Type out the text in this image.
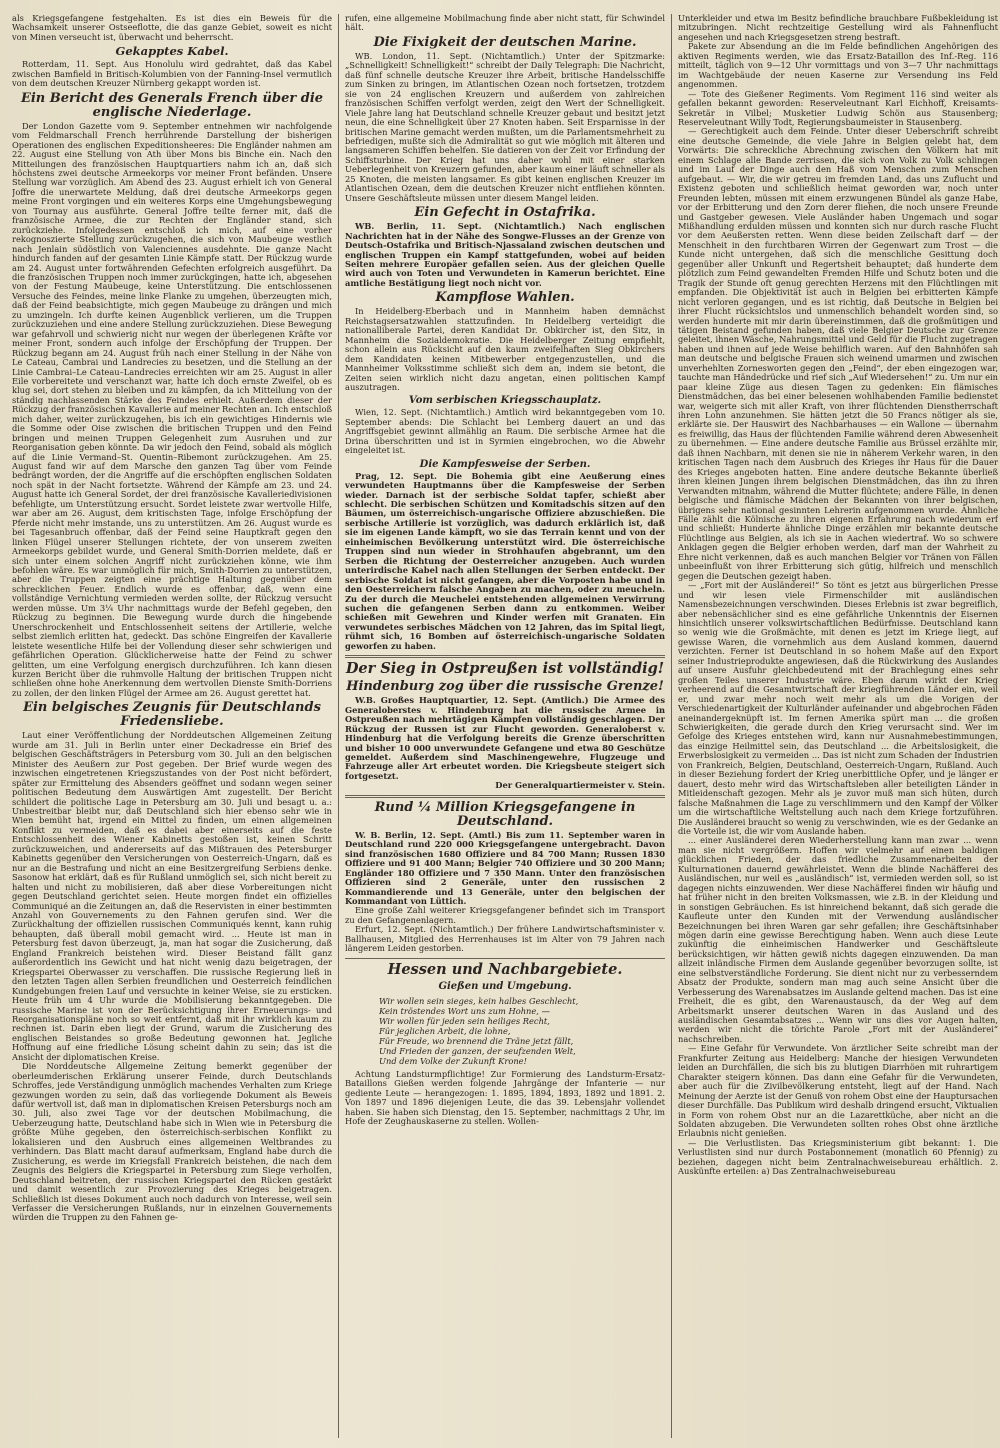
als Kriegsgefangene festgehalten. Es ist dies ein Beweis für die Wachsamkeit unserer Ostseeflotte, die das ganze Gebiet, soweit es nicht von Minen verseucht ist, überwacht und beherrscht.

Gekapptes Kabel.

Rotterdam, 11. Sept. Aus Honolulu wird gedrahtet, daß das Kabel zwischen Bamfield in Britisch-Kolumbien von der Fanning-Insel vermutlich von dem deutschen Kreuzer Nürnberg gekappt worden ist.

Ein Bericht des Generals French über die englische Niederlage.

Der London Gazette vom 9. September entnehmen wir nachfolgende vom Feldmarschall French herrührende Darstellung der bisherigen Operationen des englischen Expeditionsheeres: Die Engländer nahmen am 22. August eine Stellung von Ath über Mons bis Binche ein. Nach den Mitteilungen des französischen Hauptquartiers nahm ich an, daß sich höchstens zwei deutsche Armeekorps vor meiner Front befänden. Unsere Stellung war vorzüglich. Am Abend des 23. August erhielt ich von General Joffre die unerwartete Meldung, daß drei deutsche Armeekorps gegen meine Front vorgingen und ein weiteres Korps eine Umgehungsbewegung von Tournay aus ausführte. General Joffre teilte ferner mit, daß die französische Armee, die zur Rechten der Engländer stand, sich zurückziehe. Infolgedessen entschloß ich mich, auf eine vorher rekognoszierte Stellung zurückzugehen, die sich von Maubeuge westlich nach Jenlain südöstlich von Valenciennes ausdehnte. Die ganze Nacht hindurch fanden auf der gesamten Linie Kämpfe statt. Der Rückzug wurde am 24. August unter fortwährenden Gefechten erfolgreich ausgeführt. Da die französischen Truppen noch immer zurückgingen, hatte ich, abgesehen von der Festung Maubeuge, keine Unterstützung. Die entschlossenen Versuche des Feindes, meine linke Flanke zu umgehen, überzeugten mich, daß der Feind beabsichtigte, mich gegen Maubeuge zu drängen und mich zu umzingeln. Ich durfte keinen Augenblick verlieren, um die Truppen zurückzuziehen und eine andere Stellung zurückzuziehen. Diese Bewegung war gefahrvoll und schwierig nicht nur wegen der überlegenen Kräfte vor meiner Front, sondern auch infolge der Erschöpfung der Truppen. Der Rückzug begann am 24. August früh nach einer Stellung in der Nähe von Le Cateau, Cambrai und Landrecies zu besetzen, und die Stellung an der Linie Cambrai–Le Cateau–Landrecies erreichten wir am 25. August in aller Eile vorbereitete und verschanzt war, hatte ich doch ernste Zweifel, ob es klug sei, dort stehen zu bleiben und zu kämpfen, da ich Mitteilung von der ständig nachlassenden Stärke des Feindes erhielt. Außerdem dieser der Rückzug der französischen Kavallerie auf meiner Rechten an. Ich entschloß mich daher, weiter zurückzugehen, bis ich ein gewichtiges Hindernis wie die Somme oder Oise zwischen die britischen Truppen und den Feind bringen und meinen Truppen Gelegenheit zum Ausruhen und zur Reorganisation geben könnte. Da wir jedoch den Feind, sobald als möglich auf die Linie Vermand–St. Quentin–Ribemont zurückzugehen. Am 25. August fand wir auf dem Marsche den ganzen Tag über vom Feinde bedrängt worden, der die Angriffe auf die erschöpften englischen Soldaten noch spät in der Nacht fortsetzte. Während der Kämpfe am 23. und 24. August hatte ich General Sordet, der drei französische Kavalleriedivisionen befehligte, um Unterstützung ersucht. Sordet leistete zwar wertvolle Hilfe, war aber am 26. August, dem kritischsten Tage, infolge Erschöpfung der Pferde nicht mehr imstande, uns zu unterstützen. Am 26. August wurde es bei Tagesanbruch offenbar, daß der Feind seine Hauptkraft gegen den linken Flügel unserer Stellungen richtete, der von unserem zweiten Armeekorps gebildet wurde, und General Smith-Dorrien meldete, daß er sich unter einem solchen Angriff nicht zurückziehen könne, wie ihm befohlen wäre. Es war unmöglich für mich, Smith-Dorrien zu unterstützen, aber die Truppen zeigten eine prächtige Haltung gegenüber dem schrecklichen Feuer. Endlich wurde es offenbar, daß, wenn eine vollständige Vernichtung vermieden werden sollte, der Rückzug versucht werden müsse. Um 3¼ Uhr nachmittags wurde der Befehl gegeben, den Rückzug zu beginnen. Die Bewegung wurde durch die hingebende Unerschrockenheit und Entschlossenheit seitens der Artillerie, welche selbst ziemlich erlitten hat, gedeckt. Das schöne Eingreifen der Kavallerie leistete wesentliche Hilfe bei der Vollendung dieser sehr schwierigen und gefährlichen Operation. Glücklicherweise hatte der Feind zu schwer gelitten, um eine Verfolgung energisch durchzuführen. Ich kann diesen kurzen Bericht über die ruhmvolle Haltung der britischen Truppen nicht schließen ohne hohe Anerkennung dem wertvollen Dienste Smith-Dorriens zu zollen, der den linken Flügel der Armee am 26. August gerettet hat.

Ein belgisches Zeugnis für Deutschlands Friedensliebe.

Laut einer Veröffentlichung der Norddeutschen Allgemeinen Zeitung wurde am 31. Juli in Berlin unter einer Deckadresse ein Brief des belgischen Geschäftsträgers in Petersburg vom 30. Juli an den belgischen Minister des Aeußern zur Post gegeben. Der Brief wurde wegen des inzwischen eingetretenen Kriegszustandes von der Post nicht befördert, später zur Ermittelung des Absenders geöffnet und sodann wegen seiner politischen Bedeutung dem Auswärtigen Amt zugestellt. Der Bericht schildert die politische Lage in Petersburg am 30. Juli und besagt u. a.: Unbestreitbar bleibt nur, daß Deutschland sich hier ebenso sehr wie in Wien bemüht hat, irgend ein Mittel zu finden, um einen allgemeinen Konflikt zu vermeiden, daß es dabei aber einerseits auf die feste Entschlossenheit des Wiener Kabinetts gestoßen ist, keinen Schritt zurückzuweichen, und andererseits auf das Mißtrauen des Petersburger Kabinetts gegenüber den Versicherungen von Oesterreich-Ungarn, daß es nur an die Bestrafung und nicht an eine Besitzergreifung Serbiens denke. Sasonow hat erklärt, daß es für Rußland unmöglich sei, sich nicht bereit zu halten und nicht zu mobilisieren, daß aber diese Vorbereitungen nicht gegen Deutschland gerichtet seien. Heute morgen findet ein offizielles Communiqué an die Zeitungen an, daß die Reservisten in einer bestimmten Anzahl von Gouvernements zu den Fahnen gerufen sind. Wer die Zurückhaltung der offiziellen russischen Communiqués kennt, kann ruhig behaupten, daß überall mobil gemacht wird. ... Heute ist man in Petersburg fest davon überzeugt, ja, man hat sogar die Zusicherung, daß England Frankreich beistehen wird. Dieser Beistand fällt ganz außerordentlich ins Gewicht und hat nicht wenig dazu beigetragen, der Kriegspartei Oberwasser zu verschaffen. Die russische Regierung ließ in den letzten Tagen allen Serbien freundlichen und Oesterreich feindlichen Kundgebungen freien Lauf und versuchte in keiner Weise, sie zu ersticken. Heute früh um 4 Uhr wurde die Mobilisierung bekanntgegeben. Die russische Marine ist von der Berücksichtigung ihrer Erneuerungs- und Reorganisationspläne noch so weit entfernt, daß mit ihr wirklich kaum zu rechnen ist. Darin eben liegt der Grund, warum die Zusicherung des englischen Beistandes so große Bedeutung gewonnen hat. Jegliche Hoffnung auf eine friedliche Lösung scheint dahin zu sein; das ist die Ansicht der diplomatischen Kreise.

Die Norddeutsche Allgemeine Zeitung bemerkt gegenüber der oberleumderischen Erklärung unserer Feinde, durch Deutschlands Schroffes, jede Verständigung unmöglich machendes Verhalten zum Kriege gezwungen worden zu sein, daß das vorliegende Dokument als Beweis dafür wertvoll ist, daß man in diplomatischen Kreisen Petersburgs noch am 30. Juli, also zwei Tage vor der deutschen Mobilmachung, die Ueberzeugung hatte, Deutschland habe sich in Wien wie in Petersburg die größte Mühe gegeben, den österreichisch-serbischen Konflikt zu lokalisieren und den Ausbruch eines allgemeinen Weltbrandes zu verhindern. Das Blatt macht darauf aufmerksam, England habe durch die Zusicherung, es werde im Kriegsfall Frankreich beistehen, die nach dem Zeugnis des Belgiers die Kriegspartei in Petersburg zum Siege verholfen, Deutschland beitreten, der russischen Kriegspartei den Rücken gestärkt und damit wesentlich zur Provozierung des Krieges beigetragen. Schließlich ist dieses Dokument auch noch dadurch von Interesse, weil sein Verfasser die Versicherungen Rußlands, nur in einzelnen Gouvernements würden die Truppen zu den Fahnen ge-

rufen, eine allgemeine Mobilmachung finde aber nicht statt, für Schwindel hält.

Die Fixigkeit der deutschen Marine.

WB. London, 11. Sept. (Nichtamtlich.) Unter der Spitzmarke: „Schnelligkeit! Schnelligkeit!“ schreibt der Daily Telegraph: Die Nachricht, daß fünf schnelle deutsche Kreuzer ihre Arbeit, britische Handelsschiffe zum Sinken zu bringen, im Atlantischen Ozean noch fortsetzen, trotzdem sie von 24 englischen Kreuzern und außerdem von zahlreichen französischen Schiffen verfolgt werden, zeigt den Wert der Schnelligkeit. Viele Jahre lang hat Deutschland schnelle Kreuzer gebaut und besitzt jetzt neun, die eine Schnelligkeit über 27 Knoten haben. Seit Ersparnisse in der britischen Marine gemacht werden mußten, um die Parlamentsmehrheit zu befriedigen, mußte sich die Admiralität so gut wie möglich mit älteren und langsameren Schiffen behelfen. Sie datieren von der Zeit vor Erfindung der Schiffsturbine. Der Krieg hat uns daher wohl mit einer starken Ueberlegenheit von Kreuzern gefunden, aber kaum einer läuft schneller als 25 Knoten, die meisten langsamer. Es gibt keinen englischen Kreuzer im Atlantischen Ozean, dem die deutschen Kreuzer nicht entfliehen könnten. Unsere Geschäftsleute müssen unter diesem Mangel leiden.

Ein Gefecht in Ostafrika.

WB. Berlin, 11. Sept. (Nichtamtlich.) Nach englischen Nachrichten hat in der Nähe des Songwe-Flusses an der Grenze von Deutsch-Ostafrika und Britisch-Njassaland zwischen deutschen und englischen Truppen ein Kampf stattgefunden, wobei auf beiden Seiten mehrere Europäer gefallen seien. Aus der gleichen Quelle wird auch von Toten und Verwundeten in Kamerun berichtet. Eine amtliche Bestätigung liegt noch nicht vor.

Kampflose Wahlen.

In Heidelberg-Eberbach und in Mannheim haben demnächst Reichstagsersatzwahlen stattzufinden. In Heidelberg verteidigt die nationalliberale Partei, deren Kandidat Dr. Obkircher ist, den Sitz, in Mannheim die Sozialdemokratie. Die Heidelberger Zeitung empfiehlt, schon allein aus Rücksicht auf den kaum zweifelhaften Sieg Obkirchers dem Kandidaten keinen Mitbewerber entgegenzustellen, und die Mannheimer Volksstimme schließt sich dem an, indem sie betont, die Zeiten seien wirklich nicht dazu angetan, einen politischen Kampf auszutragen.

Vom serbischen Kriegsschauplatz.

Wien, 12. Sept. (Nichtamtlich.) Amtlich wird bekanntgegeben vom 10. September abends: Die Schlacht bei Lemberg dauert an und das Angriffsgebiet gewinnt allmählig an Raum. Die serbische Armee hat die Drina überschritten und ist in Syrmien eingebrochen, wo die Abwehr eingeleitet ist.

Die Kampfesweise der Serben.

Prag, 12. Sept. Die Bohemia gibt eine Aeußerung eines verwundeten Hauptmanns über die Kampfesweise der Serben wieder. Darnach ist der serbische Soldat tapfer, schießt aber schlecht. Die serbischen Schützen und Komitadschis sitzen auf den Bäumen, um österreichisch-ungarische Offiziere abzuschießen. Die serbische Artillerie ist vorzüglich, was dadurch erklärlich ist, daß sie im eigenen Lande kämpft, wo sie das Terrain kennt und von der einheimischen Bevölkerung unterstützt wird. Die österreichische Truppen sind nun wieder in Strohhaufen abgebrannt, um den Serben die Richtung der Oesterreicher anzugeben. Auch wurden unterirdische Kabel nach allen Stellungen der Serben entdeckt. Der serbische Soldat ist nicht gefangen, aber die Vorposten habe und in den Oesterreichern falsche Angaben zu machen, oder zu meucheln. Zu der durch die Meuchelei entstehenden allgemeinen Verwirrung suchen die gefangenen Serben dann zu entkommen. Weiber schießen mit Gewehren und Kinder werfen mit Granaten. Ein verwundetes serbisches Mädchen von 12 Jahren, das im Spital liegt, rühmt sich, 16 Bomben auf österreichisch-ungarische Soldaten geworfen zu haben.

Der Sieg in Ostpreußen ist vollständig!
Hindenburg zog über die russische Grenze!

W.B. Großes Hauptquartier, 12. Sept. (Amtlich.) Die Armee des Generaloberstes v. Hindenburg hat die russische Armee in Ostpreußen nach mehrtägigen Kämpfen vollständig geschlagen. Der Rückzug der Russen ist zur Flucht geworden. Generaloberst v. Hindenburg hat die Verfolgung bereits die Grenze überschritten und bisher 10 000 unverwundete Gefangene und etwa 80 Geschütze gemeldet. Außerdem sind Maschinengewehre, Flugzeuge und Fahrzeuge aller Art erbeutet worden. Die Kriegsbeute steigert sich fortgesetzt.

Der Generalquartiermeister v. Stein.

Rund ¼ Million Kriegsgefangene in Deutschland.

W. B. Berlin, 12. Sept. (Amtl.) Bis zum 11. September waren in Deutschland rund 220 000 Kriegsgefangene untergebracht. Davon sind französischen 1680 Offiziere und 84 700 Mann; Russen 1830 Offiziere und 91 400 Mann; Belgier 740 Offiziere und 30 200 Mann; Engländer 180 Offiziere und 7 350 Mann. Unter den französischen Offizieren sind 2 Generäle, unter den russischen 2 Kommandierende und 13 Generäle, unter den belgischen der Kommandant von Lüttich.

Eine große Zahl weiterer Kriegsgefangener befindet sich im Transport zu den Gefangenenlagern.

Erfurt, 12. Sept. (Nichtamtlich.) Der frühere Landwirtschaftsminister v. Ballhausen, Mitglied des Herrenhauses ist im Alter von 79 Jahren nach längerem Leiden gestorben.

Hessen und Nachbargebiete.
Gießen und Umgebung.
Wir wollen sein sieges, kein halbes Geschlecht,
Kein tröstendes Wort uns zum Hohne, —
Wir wollen für jeden sein heiliges Recht,
Für jeglichen Arbeit, die lohne,
Für Freude, wo brennend die Träne jetzt fällt,
Und Frieden der ganzen, der seufzenden Welt,
Und dem Volke der Zukunft Krone!

Achtung Landsturmpflichtige! Zur Formierung des Landsturm-Ersatz-Bataillons Gießen werden folgende Jahrgänge der Infanterie — nur gediente Leute — herangezogen: 1. 1895, 1894, 1893, 1892 und 1891. 2. Von 1897 und 1896 diejenigen Leute, die das 39. Lebensjahr vollendet haben. Sie haben sich Dienstag, den 15. September, nachmittags 2 Uhr, im Hofe der Zeughauskaserne zu stellen. Wollen-

Unterkleider und etwa im Besitz befindliche brauchbare Fußbekleidung ist mitzubringen. Nicht rechtzeitige Gestellung wird als Fahnenflucht angesehen und nach Kriegsgesetzen streng bestraft.

Pakete zur Absendung an die im Felde befindlichen Angehörigen des aktiven Regiments werden, wie das Ersatz-Bataillon des Inf.-Reg. 116 mitteilt, täglich von 9—12 Uhr vormittags und von 3—7 Uhr nachmittags im Wachtgebäude der neuen Kaserne zur Versendung ins Feld angenommen.

— Tote des Gießener Regiments. Vom Regiment 116 sind weiter als gefallen bekannt geworden: Reserveleutnant Karl Eichhoff, Kreisamts-Sekretär in Vilbel; Musketier Ludwig Schön aus Stausenberg; Reserveleutnant Willy Todt, Regierungsbaumeister in Stausenberg.

— Gerechtigkeit auch dem Feinde. Unter dieser Ueberschrift schreibt eine deutsche Gemeinde, die viele Jahre in Belgien gelebt hat, dem Vorwärts: Die schreckliche Abrechnung zwischen den Völkern hat mit einem Schlage alle Bande zerrissen, die sich von Volk zu Volk schlingen und im Lauf der Dinge auch den Haß vom Menschen zum Menschen aufgebaut. — Wir, die wir getreu im fremden Land, das uns Zuflucht und Existenz geboten und schließlich heimat geworden war, noch unter Freunden lebten, müssen mit einem erzwungenen Bündel als ganze Habe, vor der Erbitterung und den Zorn derer fliehen, die noch unsere Freunde und Gastgeber gewesen. Viele Ausländer haben Ungemach und sogar Mißhandlung erdulden müssen und konnten sich nur durch rasche Flucht vor dem Aeußersten retten. Wenn diese beiden Zeilschaft darf — der Menschheit in den furchtbaren Wirren der Gegenwart zum Trost — die Kunde nicht untergehen, daß sich die menschliche Gesittung doch gegenüber aller Unkunft und Regertsheit behauptet; daß hunderte dem plötzlich zum Feind gewandelten Fremden Hilfe und Schutz boten und die Tragik der Stunde oft genug gerechten Herzens mit den Flüchtlingen mit empfanden. Die Objektivität ist auch in Belgien bei erbitterten Kämpfe nicht verloren gegangen, und es ist richtig, daß Deutsche in Belgien bei ihrer Flucht rücksichtslos und unmenschlich behandelt worden sind, so werden hunderte mit mir darin übereinstimmen, daß die großmütigen und tätigen Beistand gefunden haben, daß viele Belgier Deutsche zur Grenze geleitet, ihnen Wäsche, Nahrungsmittel und Geld für die Flucht zugetragen haben und ihnen auf jede Weise behilflich waren. Auf den Bahnhöfen sah man deutsche und belgische Frauen sich weinend umarmen und zwischen unverhehlten Zornesworten gegen den „Feind“, der eben eingezogen war, tauchte man Händedrücke und rief sich „Auf Wiedersehen!“ zu. Um nur ein paar kleine Züge aus diesen Tagen zu gedenken: Ein flämisches Dienstmädchen, das bei einer belesenen wohlhabenden Familie bedienstet war, weigerte sich mit aller Kraft, von ihrer flüchtenden Dienstherrschaft ihren Lohn anzunehmen. Sie hätten jetzt die 50 Francs nötiger als sie, erklärte sie. Der Hauswirt des Nachbarhauses — ein Wallone — übernahm es freiwillig, das Haus der flüchtenden Familie während deren Abwesenheit zu übernehmen. — Eine andere deutsche Familie aus Brüssel erzählte mir, daß ihnen Nachbarn, mit denen sie nie in näherem Verkehr waren, in den kritischen Tagen nach dem Ausbruch des Krieges ihr Haus für die Dauer des Krieges angeboten hatten. Eine andere deutsche Bekannte überließ ihren kleinen Jungen ihrem belgischen Dienstmädchen, das ihn zu ihren Verwandten mitnahm, während die Mutter flüchtete; andere Fälle, in denen belgische und flämische Mädchen der Bekannten von ihrer belgischen, übrigens sehr national gesinnten Lehrerin aufgenommen wurde. Ähnliche Fälle zählt die Kölnische zu ihren eigenen Erfahrung nach wiederum erf und schließt: Hunderte ähnliche Dinge erzählen mir bekannte deutsche Flüchtlinge aus Belgien, als ich sie in Aachen wiedertraf. Wo so schwere Anklagen gegen die Belgier erhoben werden, darf man der Wahrheit zu Ehre nicht verkennen, daß es auch manchen Belgier vor Tränen von Fällen unbeeinflußt von ihrer Erbitterung sich gütig, hilfreich und menschlich gegen die Deutschen gezeigt haben.

— „Fort mit der Ausländerei!“ So tönt es jetzt aus bürgerlichen Presse und wir lesen viele Firmenschilder mit ausländischen Namensbezeichnungen verschwinden. Dieses Erlebnis ist zwar begreiflich, aber nebensächlicher sind es eine gefährliche Unkenntnis der Eisernen hinsichtlich unserer volkswirtschaftlichen Bedürfnisse. Deutschland kann so wenig wie die Großmächte, mit denen es jetzt im Kriege liegt, auf gewisse Waren, die vornehmlich aus dem Ausland kommen, dauernd verzichten. Ferner ist Deutschland in so hohem Maße auf den Export seiner Industrieprodukte angewiesen, daß die Rückwirkung des Auslandes auf unsere Ausfuhr gleichbedeutend mit der Brachlegung eines sehr großen Teiles unserer Industrie wäre. Eben darum wirkt der Krieg verheerend auf die Gesamtwirtschaft der kriegführenden Länder ein, weil er, und zwar mehr noch weit mehr als um die Vorigen der Verschiedenartigkeit der Kulturländer aufeinander und abgebrochen Fäden aneinandergeknüpft ist. Im fernen Amerika spürt man ... die großen Schwierigkeiten, die gerade durch den Krieg verursacht sind. Wer im Gefolge des Krieges entstehen wird, kann nur Ausnahmebestimmungen, das einzige Heilmittel sein, das Deutschland ... die Arbeitslosigkeit, die Erwerbslosigkeit zu vermeiden ... Das ist nicht zum Schaden der Industrien von Frankreich, Belgien, Deutschland, Oesterreich-Ungarn, Rußland. Auch in dieser Beziehung fordert der Krieg unerbittliche Opfer, und je länger er dauert, desto mehr wird das Wirtschaftsleben aller beteiligten Länder in Mitleidenschaft gezogen. Mehr als je zuvor muß man sich hüten, durch falsche Maßnahmen die Lage zu verschlimmern und den Kampf der Völker um die wirtschaftliche Weltstellung auch nach dem Kriege fortzuführen. Die Ausländerei braucht so wenig zu verschwinden, wie es der Gedanke an die Vorteile ist, die wir vom Auslande haben.

... einer Ausländerei deren Wiederherstellung kann man zwar ... wenn man sie nicht vergrößern. Hoffen wir vielmehr auf einen baldigen glücklichen Frieden, der das friedliche Zusammenarbeiten der Kulturnationen dauernd gewährleistet. Wenn die blinde Nachäfferei des Ausländischen, nur weil es „ausländisch“ ist, vermieden werden soll, so ist dagegen nichts einzuwenden. Wer diese Nachäfferei finden wir häufig und hat früher nicht in den breiten Volksmassen, wie z.B. in der Kleidung und in sonstigen Gebräuchen. Es ist hinreichend bekannt, daß sich gerade die Kaufleute unter den Kunden mit der Verwendung ausländischer Bezeichnungen bei ihren Waren gar sehr gefallen; ihre Geschäftsinhaber mögen darin eine gewisse Berechtigung haben. Wenn auch diese Leute zukünftig die einheimischen Handwerker und Geschäftsleute berücksichtigen, wir hätten gewiß nichts dagegen einzuwenden. Da man allzeit inländische Firmen dem Auslande gegenüber bevorzugen sollte, ist eine selbstverständliche Forderung. Sie dient nicht nur zu verbesserndem Absatz der Produkte, sondern man mag auch seine Ansicht über die Verbesserung des Warenabsatzes im Auslande geltend machen. Das ist eine Freiheit, die es gibt, den Warenaustausch, da der Weg auf dem Arbeitsmarkt unserer deutschen Waren in das Ausland und des ausländischen Gesamtabsatzes ... Wenn wir uns dies vor Augen halten, werden wir nicht die törichte Parole „Fort mit der Ausländerei“ nachschreiben.

— Eine Gefahr für Verwundete. Von ärztlicher Seite schreibt man der Frankfurter Zeitung aus Heidelberg: Manche der hiesigen Verwundeten leiden an Durchfällen, die sich bis zu blutigen Diarrhöen mit ruhrartigem Charakter steigern können. Das dann eine Gefahr für die Verwundeten, aber auch für die Zivilbevölkerung entsteht, liegt auf der Hand. Nach Meinung der Aerzte ist der Genuß von rohem Obst eine der Hauptursachen dieser Durchfälle. Das Publikum wird deshalb dringend ersucht, Viktualien in Form von rohem Obst nur an die Lazarettküche, aber nicht an die Soldaten abzugeben. Die Verwundeten sollten rohes Obst ohne ärztliche Erlaubnis nicht genießen.

— Die Verlustlisten. Das Kriegsministerium gibt bekannt: 1. Die Verlustlisten sind nur durch Postabonnement (monatlich 60 Pfennig) zu beziehen, dagegen nicht beim Zentralnachweisebureau erhältlich. 2. Auskünfte erteilen: a) Das Zentralnachweisebureau
